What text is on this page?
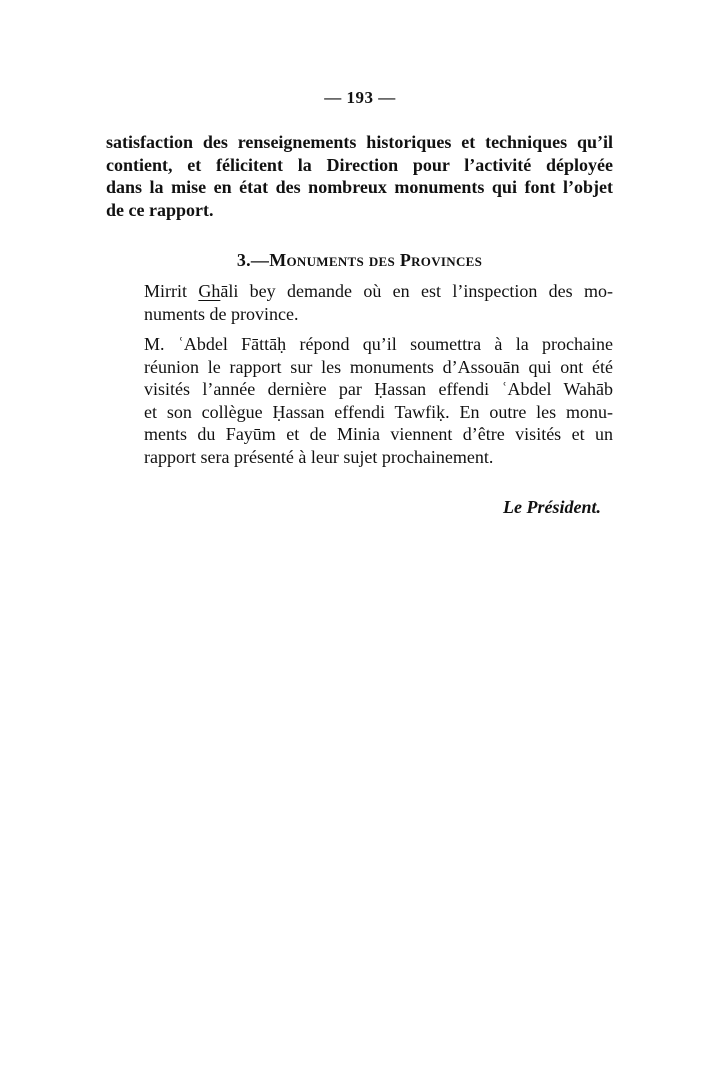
— 193 —
satisfaction des renseignements historiques et techniques qu’il
contient, et félicitent la Direction pour l’activité déployée
dans la mise en état des nombreux monuments qui font l’objet
de ce rapport.
3.—Monuments des Provinces
Mirrit Ghāli bey demande où en est l’inspection des mo-
numents de province.
M. ʿAbdel Fāttāḥ répond qu’il soumettra à la prochaine
réunion le rapport sur les monuments d’Assouān qui ont été
visités l’année dernière par Ḥassan effendi ʿAbdel Wahāb
et son collègue Ḥassan effendi Tawfiḳ. En outre les monu-
ments du Fayūm et de Minia viennent d’être visités et un
rapport sera présenté à leur sujet prochainement.
Le Président.
